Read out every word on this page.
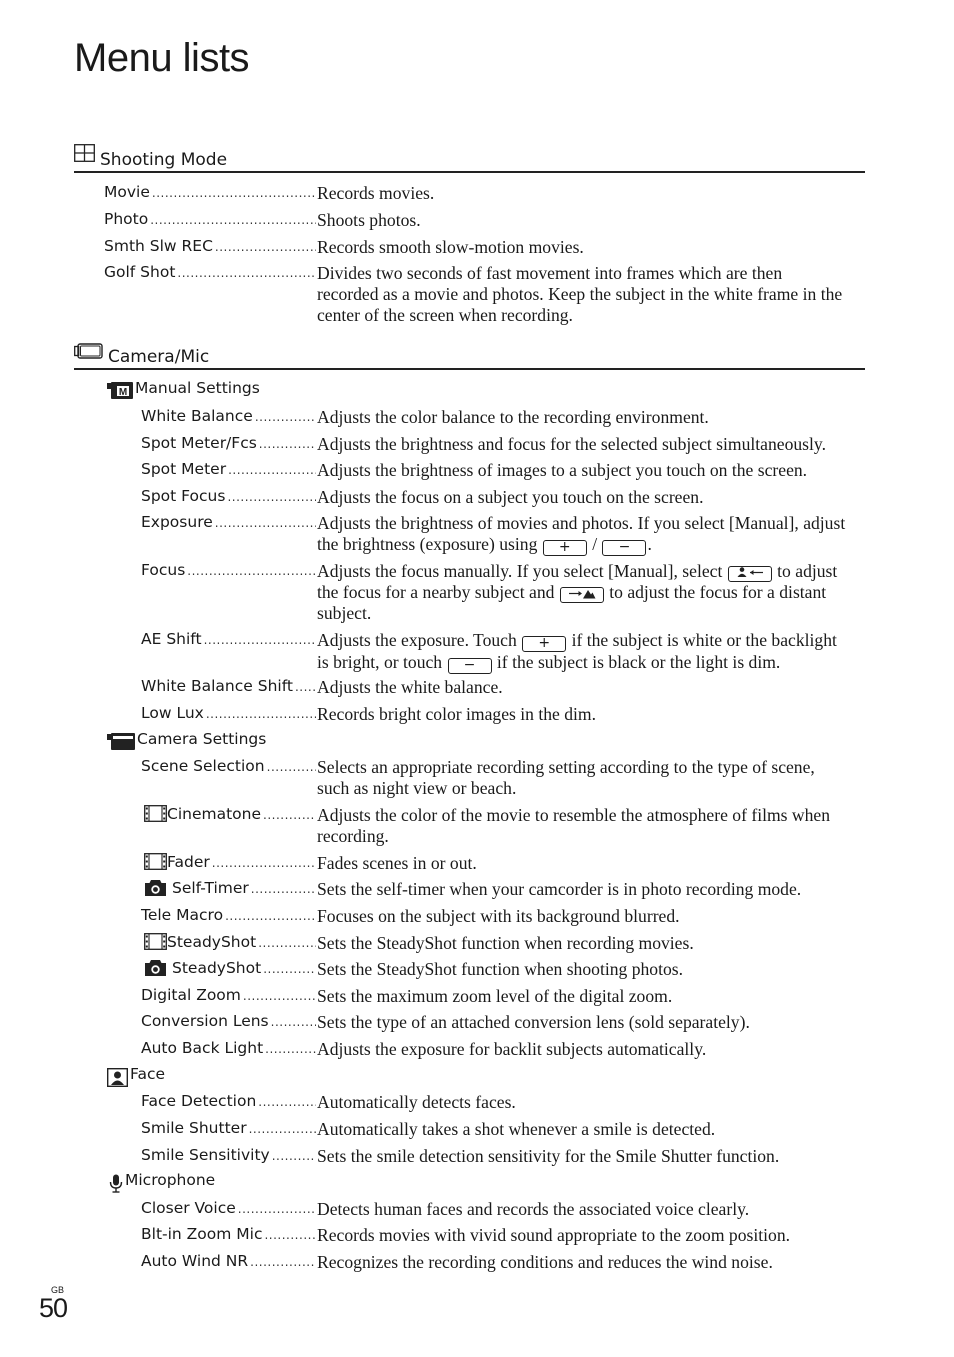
Menu lists
Shooting Mode
Movie .....	Records movies.
Photo .....	Shoots photos.
Smth Slw REC .....	Records smooth slow-motion movies.
Golf Shot .....	Divides two seconds of fast movement into frames which are then
recorded as a movie and photos. Keep the subject in the white frame in the
center of the screen when recording.
Camera/Mic
M Manual Settings
White Balance .....	Adjusts the color balance to the recording environment.
Spot Meter/Fcs .....	Adjusts the brightness and focus for the selected subject simultaneously.
Spot Meter .....	Adjusts the brightness of images to a subject you touch on the screen.
Spot Focus .....	Adjusts the focus on a subject you touch on the screen.
Exposure .....	Adjusts the brightness of movies and photos. If you select [Manual], adjust
the brightness (exposure) using + / − .
Focus .....	Adjusts the focus manually. If you select [Manual], select	to adjust
the focus for a nearby subject and	to adjust the focus for a distant
subject.
AE Shift .....	Adjusts the exposure. Touch + if the subject is white or the backlight
is bright, or touch − if the subject is black or the light is dim.
White Balance Shift ..... Adjusts the white balance.
Low Lux .....	Records bright color images in the dim.
Camera Settings
Scene Selection .....	Selects an appropriate recording setting according to the type of scene,
such as night view or beach.
Cinematone .....	Adjusts the color of the movie to resemble the atmosphere of films when
recording.
Fader .....	Fades scenes in or out.
Self-Timer .....	Sets the self-timer when your camcorder is in photo recording mode.
Tele Macro .....	Focuses on the subject with its background blurred.
SteadyShot .....	Sets the SteadyShot function when recording movies.
SteadyShot .....	Sets the SteadyShot function when shooting photos.
Digital Zoom .....	Sets the maximum zoom level of the digital zoom.
Conversion Lens .....	Sets the type of an attached conversion lens (sold separately).
Auto Back Light .....	Adjusts the exposure for backlit subjects automatically.
Face
Face Detection .....	Automatically detects faces.
Smile Shutter .....	Automatically takes a shot whenever a smile is detected.
Smile Sensitivity .....	Sets the smile detection sensitivity for the Smile Shutter function.
Microphone
Closer Voice .....	Detects human faces and records the associated voice clearly.
Blt-in Zoom Mic .....	Records movies with vivid sound appropriate to the zoom position.
Auto Wind NR .....	Recognizes the recording conditions and reduces the wind noise.
GB
50
